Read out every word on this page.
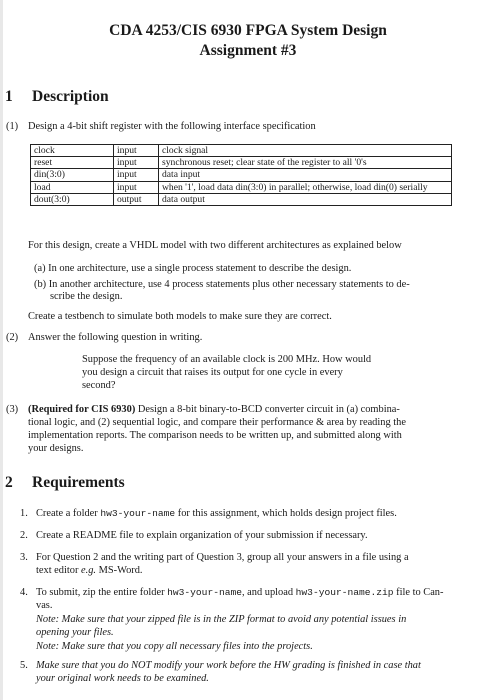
CDA 4253/CIS 6930 FPGA System Design
Assignment #3
1 Description
(1) Design a 4-bit shift register with the following interface specification
clock	input	clock signal
reset	input	synchronous reset; clear state of the register to all '0's
din(3:0)	input	data input
load	input	when '1', load data din(3:0) in parallel; otherwise, load din(0) serially
dout(3:0)	output	data output
For this design, create a VHDL model with two different architectures as explained below
(a) In one architecture, use a single process statement to describe the design.
(b) In another architecture, use 4 process statements plus other necessary statements to de-
scribe the design.
Create a testbench to simulate both models to make sure they are correct.
(2) Answer the following question in writing.
Suppose the frequency of an available clock is 200 MHz. How would
you design a circuit that raises its output for one cycle in every
second?
(3) (Required for CIS 6930) Design a 8-bit binary-to-BCD converter circuit in (a) combina-
tional logic, and (2) sequential logic, and compare their performance & area by reading the
implementation reports. The comparison needs to be written up, and submitted along with
your designs.
2 Requirements
1. Create a folder hw3-your-name for this assignment, which holds design project files.
2. Create a README file to explain organization of your submission if necessary.
3. For Question 2 and the writing part of Question 3, group all your answers in a file using a
text editor e.g. MS-Word.
4. To submit, zip the entire folder hw3-your-name, and upload hw3-your-name.zip file to Can-
vas.
Note: Make sure that your zipped file is in the ZIP format to avoid any potential issues in
opening your files.
Note: Make sure that you copy all necessary files into the projects.
5. Make sure that you do NOT modify your work before the HW grading is finished in case that
your original work needs to be examined.
